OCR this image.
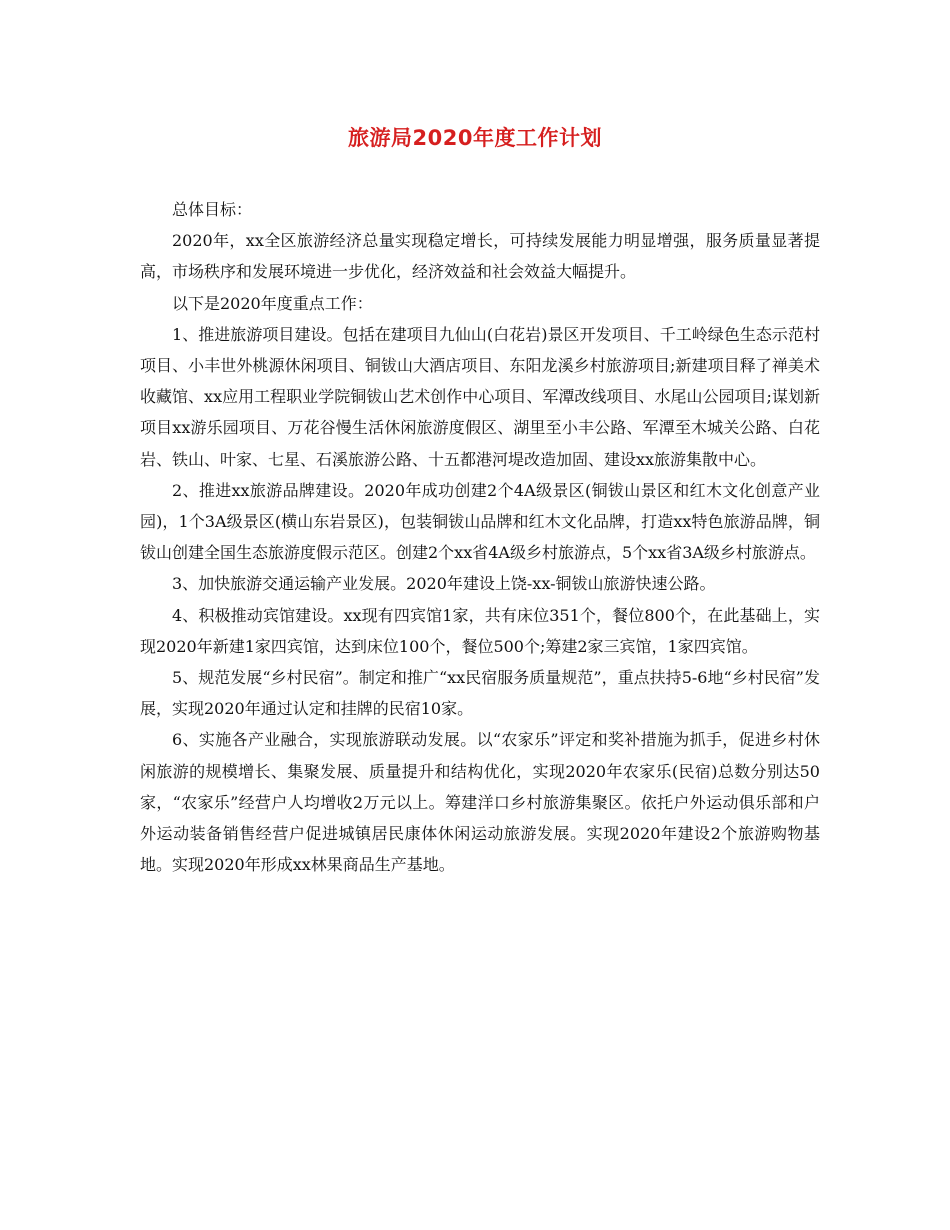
旅游局2020年度工作计划

总体目标：

2020年，xx全区旅游经济总量实现稳定增长，可持续发展能力明显增强，服务质量显著提高，市场秩序和发展环境进一步优化，经济效益和社会效益大幅提升。

以下是2020年度重点工作：

1、推进旅游项目建设。包括在建项目九仙山(白花岩)景区开发项目、千工岭绿色生态示范村项目、小丰世外桃源休闲项目、铜钹山大酒店项目、东阳龙溪乡村旅游项目;新建项目释了禅美术收藏馆、xx应用工程职业学院铜钹山艺术创作中心项目、军潭改线项目、水尾山公园项目;谋划新项目xx游乐园项目、万花谷慢生活休闲旅游度假区、湖里至小丰公路、军潭至木城关公路、白花岩、铁山、叶家、七星、石溪旅游公路、十五都港河堤改造加固、建设xx旅游集散中心。

2、推进xx旅游品牌建设。2020年成功创建2个4A级景区(铜钹山景区和红木文化创意产业园)，1个3A级景区(横山东岩景区)，包装铜钹山品牌和红木文化品牌，打造xx特色旅游品牌，铜钹山创建全国生态旅游度假示范区。创建2个xx省4A级乡村旅游点，5个xx省3A级乡村旅游点。

3、加快旅游交通运输产业发展。2020年建设上饶-xx-铜钹山旅游快速公路。

4、积极推动宾馆建设。xx现有四宾馆1家，共有床位351个，餐位800个，在此基础上，实现2020年新建1家四宾馆，达到床位100个，餐位500个;筹建2家三宾馆，1家四宾馆。

5、规范发展“乡村民宿”。制定和推广“xx民宿服务质量规范”，重点扶持5-6地“乡村民宿”发展，实现2020年通过认定和挂牌的民宿10家。

6、实施各产业融合，实现旅游联动发展。以“农家乐”评定和奖补措施为抓手，促进乡村休闲旅游的规模增长、集聚发展、质量提升和结构优化，实现2020年农家乐(民宿)总数分别达50家，“农家乐”经营户人均增收2万元以上。筹建洋口乡村旅游集聚区。依托户外运动俱乐部和户外运动装备销售经营户促进城镇居民康体休闲运动旅游发展。实现2020年建设2个旅游购物基地。实现2020年形成xx林果商品生产基地。
